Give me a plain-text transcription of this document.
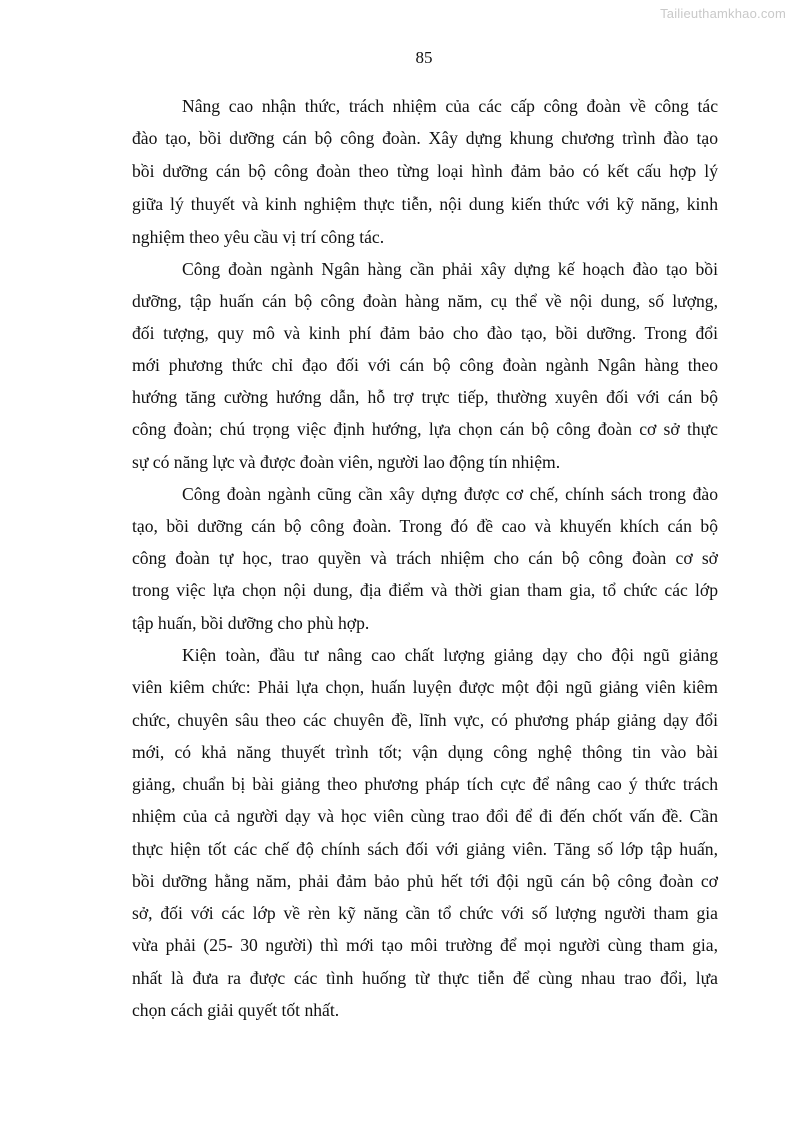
Tailieuthamkhao.com
85
Nâng cao nhận thức, trách nhiệm của các cấp công đoàn về công tác
đào tạo, bồi dưỡng cán bộ công đoàn. Xây dựng khung chương trình đào tạo
bồi dưỡng cán bộ công đoàn theo từng loại hình đảm bảo có kết cấu hợp lý
giữa lý thuyết và kinh nghiệm thực tiễn, nội dung kiến thức với kỹ năng, kinh
nghiệm theo yêu cầu vị trí công tác.
Công đoàn ngành Ngân hàng cần phải xây dựng kế hoạch đào tạo bồi
dưỡng, tập huấn cán bộ công đoàn hàng năm, cụ thể về nội dung, số lượng,
đối tượng, quy mô và kinh phí đảm bảo cho đào tạo, bồi dưỡng. Trong đổi
mới phương thức chỉ đạo đối với cán bộ công đoàn ngành Ngân hàng theo
hướng tăng cường hướng dẫn, hỗ trợ trực tiếp, thường xuyên đối với cán bộ
công đoàn; chú trọng việc định hướng, lựa chọn cán bộ công đoàn cơ sở thực
sự có năng lực và được đoàn viên, người lao động tín nhiệm.
Công đoàn ngành cũng cần xây dựng được cơ chế, chính sách trong đào
tạo, bồi dưỡng cán bộ công đoàn. Trong đó đề cao và khuyến khích cán bộ
công đoàn tự học, trao quyền và trách nhiệm cho cán bộ công đoàn cơ sở
trong việc lựa chọn nội dung, địa điểm và thời gian tham gia, tổ chức các lớp
tập huấn, bồi dưỡng cho phù hợp.
Kiện toàn, đầu tư nâng cao chất lượng giảng dạy cho đội ngũ giảng
viên kiêm chức: Phải lựa chọn, huấn luyện được một đội ngũ giảng viên kiêm
chức, chuyên sâu theo các chuyên đề, lĩnh vực, có phương pháp giảng dạy đổi
mới, có khả năng thuyết trình tốt; vận dụng công nghệ thông tin vào bài
giảng, chuẩn bị bài giảng theo phương pháp tích cực để nâng cao ý thức trách
nhiệm của cả người dạy và học viên cùng trao đổi để đi đến chốt vấn đề. Cần
thực hiện tốt các chế độ chính sách đối với giảng viên. Tăng số lớp tập huấn,
bồi dưỡng hằng năm, phải đảm bảo phủ hết tới đội ngũ cán bộ công đoàn cơ
sở, đối với các lớp về rèn kỹ năng cần tổ chức với số lượng người tham gia
vừa phải (25- 30 người) thì mới tạo môi trường để mọi người cùng tham gia,
nhất là đưa ra được các tình huống từ thực tiễn để cùng nhau trao đổi, lựa
chọn cách giải quyết tốt nhất.
